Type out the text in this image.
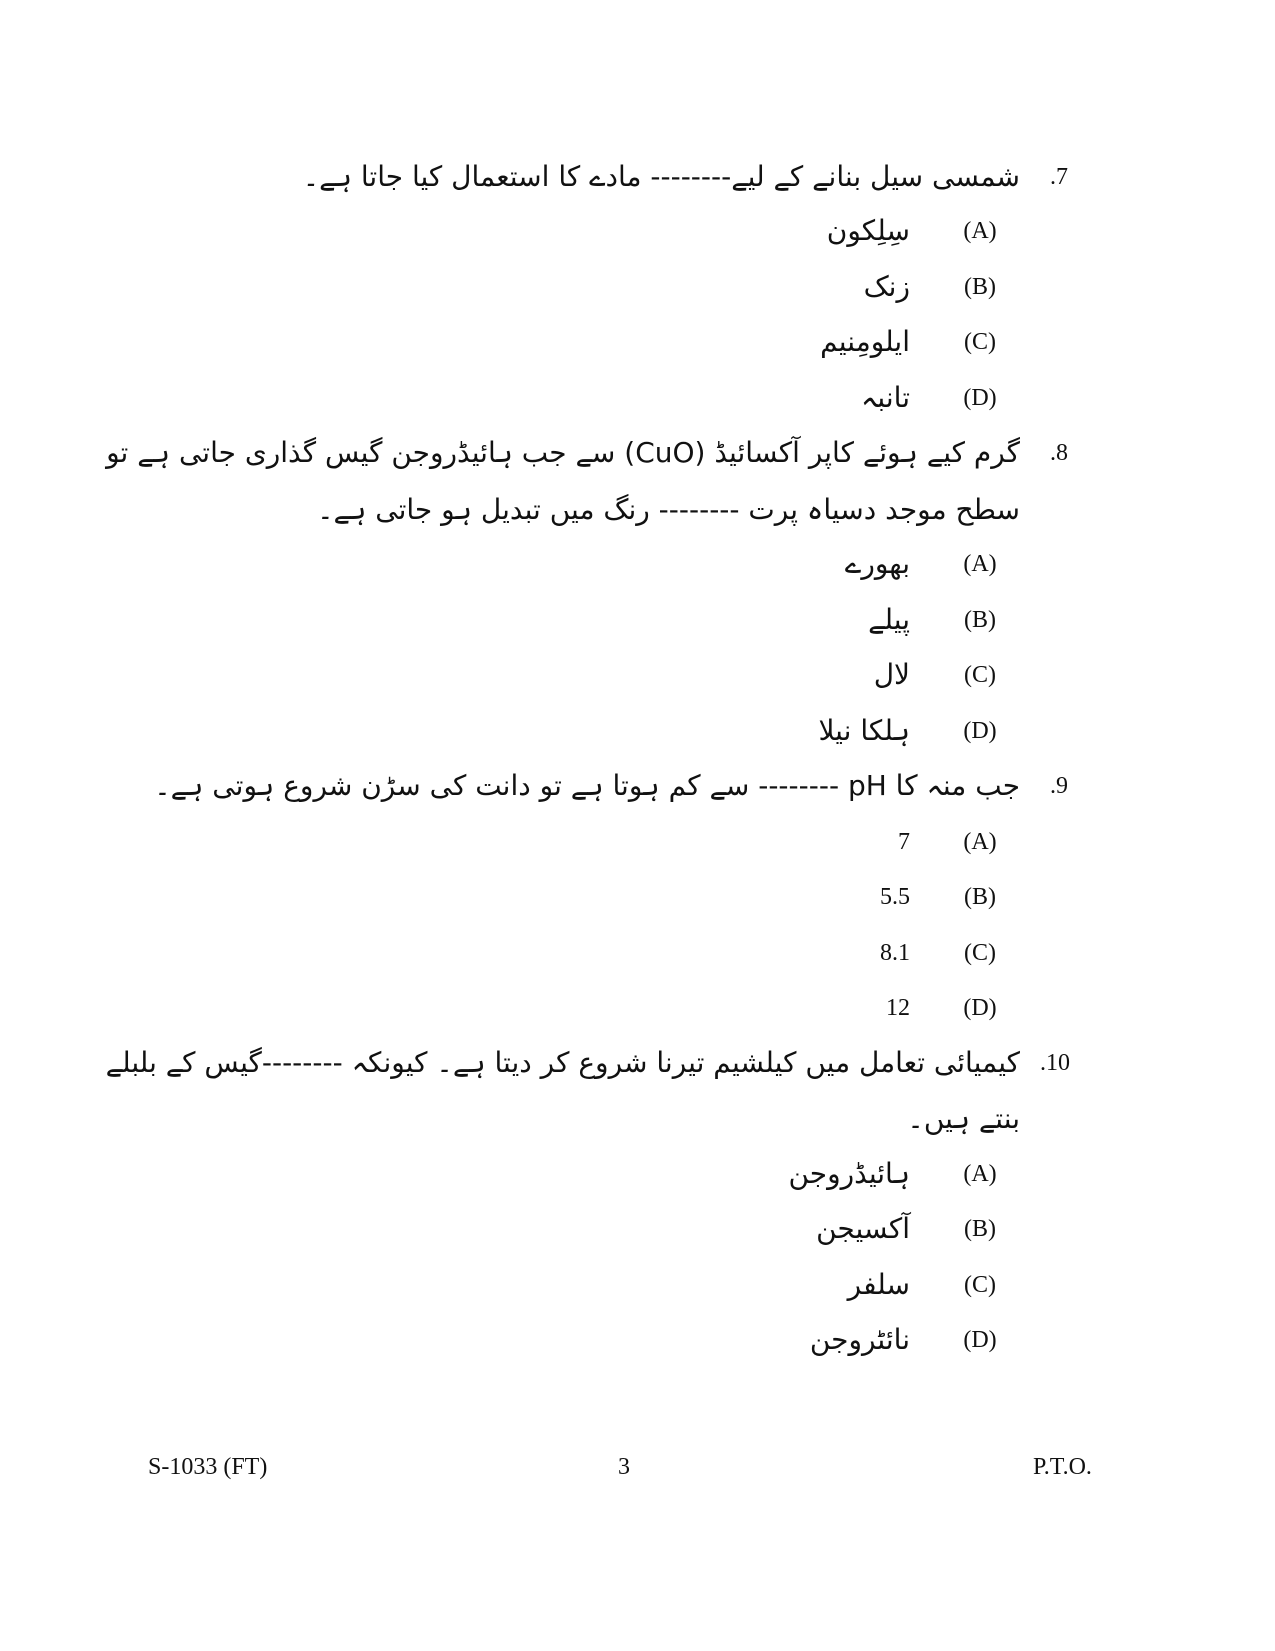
.7
شمسی سیل بنانے کے لیے-------- مادے کا استعمال کیا جاتا ہے۔
(A)
سِلِکون
(B)
زنک
(C)
ایلومِنیم
(D)
تانبہ
.8
گرم کیے ہوئے کاپر آکسائیڈ (CuO) سے جب ہائیڈروجن گیس گذاری جاتی ہے تو
سطح موجد دسیاہ پرت -------- رنگ میں تبدیل ہو جاتی ہے۔
(A)
بھورے
(B)
پیلے
(C)
لال
(D)
ہلکا نیلا
.9
جب منہ کا pH -------- سے کم ہوتا ہے تو دانت کی سڑن شروع ہوتی ہے۔
(A)
7
(B)
5.5
(C)
8.1
(D)
12
.10
کیمیائی تعامل میں کیلشیم تیرنا شروع کر دیتا ہے۔ کیونکہ --------گیس کے بلبلے
بنتے ہیں۔
(A)
ہائیڈروجن
(B)
آکسیجن
(C)
سلفر
(D)
نائٹروجن
S-1033 (FT)	3	P.T.O.
